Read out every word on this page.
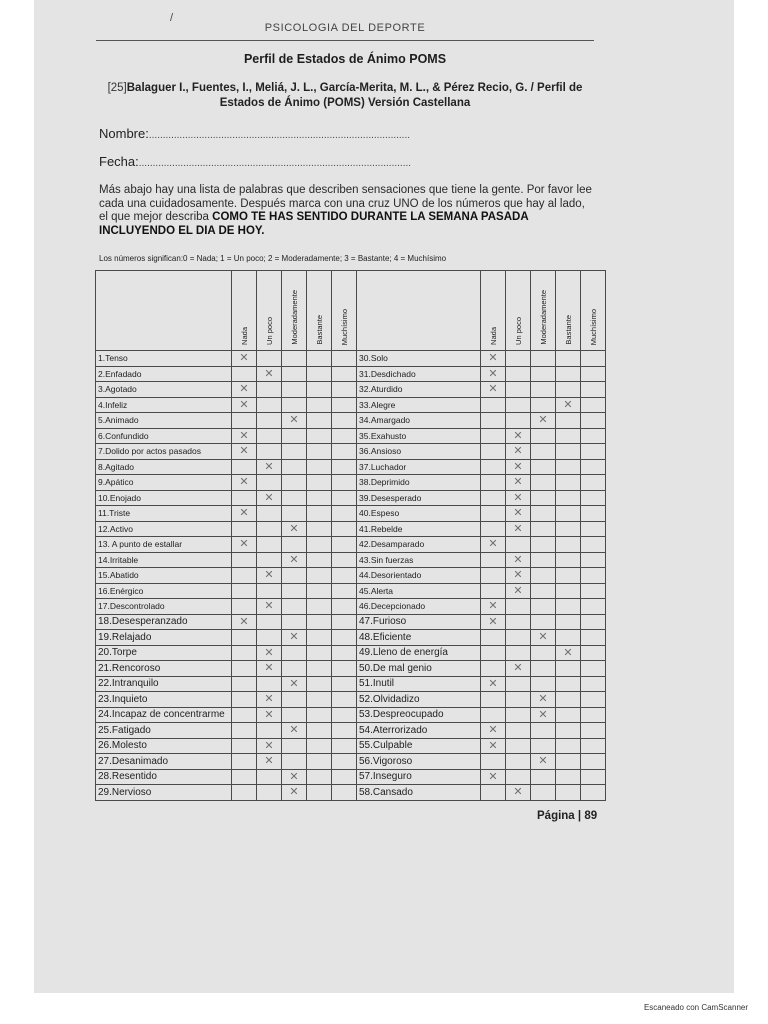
/
PSICOLOGIA DEL DEPORTE
Perfil de Estados de Ánimo POMS
[25]Balaguer I., Fuentes, I., Meliá, J. L., García-Merita, M. L., & Pérez Recio, G. / Perfil de Estados de Ánimo (POMS) Versión Castellana
Nombre:..............................................................................................
Fecha:..................................................................................................
Más abajo hay una lista de palabras que describen sensaciones que tiene la gente. Por favor lee cada una cuidadosamente. Después marca con una cruz UNO de los números que hay al lado, el que mejor describa COMO TE HAS SENTIDO DURANTE LA SEMANA PASADA INCLUYENDO EL DIA DE HOY.
Los números significan:0 = Nada; 1 = Un poco; 2 = Moderadamente; 3 = Bastante; 4 = Muchísimo
	Nada	Un poco	Moderadamente	Bastante	Muchísimo		Nada	Un poco	Moderadamente	Bastante	Muchísimo
1.Tenso	✕					30.Solo	✕				
2.Enfadado		✕				31.Desdichado	✕				
3.Agotado	✕					32.Aturdido	✕				
4.Infeliz	✕					33.Alegre				✕	
5.Animado			✕			34.Amargado			✕		
6.Confundido	✕					35.Exahusto		✕			
7.Dolido por actos pasados	✕					36.Ansioso		✕			
8.Agitado		✕				37.Luchador		✕			
9.Apático	✕					38.Deprimido		✕			
10.Enojado		✕				39.Desesperado		✕			
11.Triste	✕					40.Espeso		✕			
12.Activo			✕			41.Rebelde		✕			
13. A punto de estallar	✕					42.Desamparado	✕				
14.Irritable			✕			43.Sin fuerzas		✕			
15.Abatido		✕				44.Desorientado		✕			
16.Enérgico						45.Alerta		✕			
17.Descontrolado		✕				46.Decepcionado	✕				
18.Desesperanzado	✕					47.Furioso	✕				
19.Relajado			✕			48.Eficiente			✕		
20.Torpe		✕				49.Lleno de energía				✕	
21.Rencoroso		✕				50.De mal genio		✕			
22.Intranquilo			✕			51.Inutil	✕				
23.Inquieto		✕				52.Olvidadizo			✕		
24.Incapaz de concentrarme		✕				53.Despreocupado			✕		
25.Fatigado			✕			54.Aterrorizado	✕				
26.Molesto		✕				55.Culpable	✕				
27.Desanimado		✕				56.Vigoroso			✕		
28.Resentido			✕			57.Inseguro	✕				
29.Nervioso			✕			58.Cansado		✕			
Página | 89
Escaneado con CamScanner
